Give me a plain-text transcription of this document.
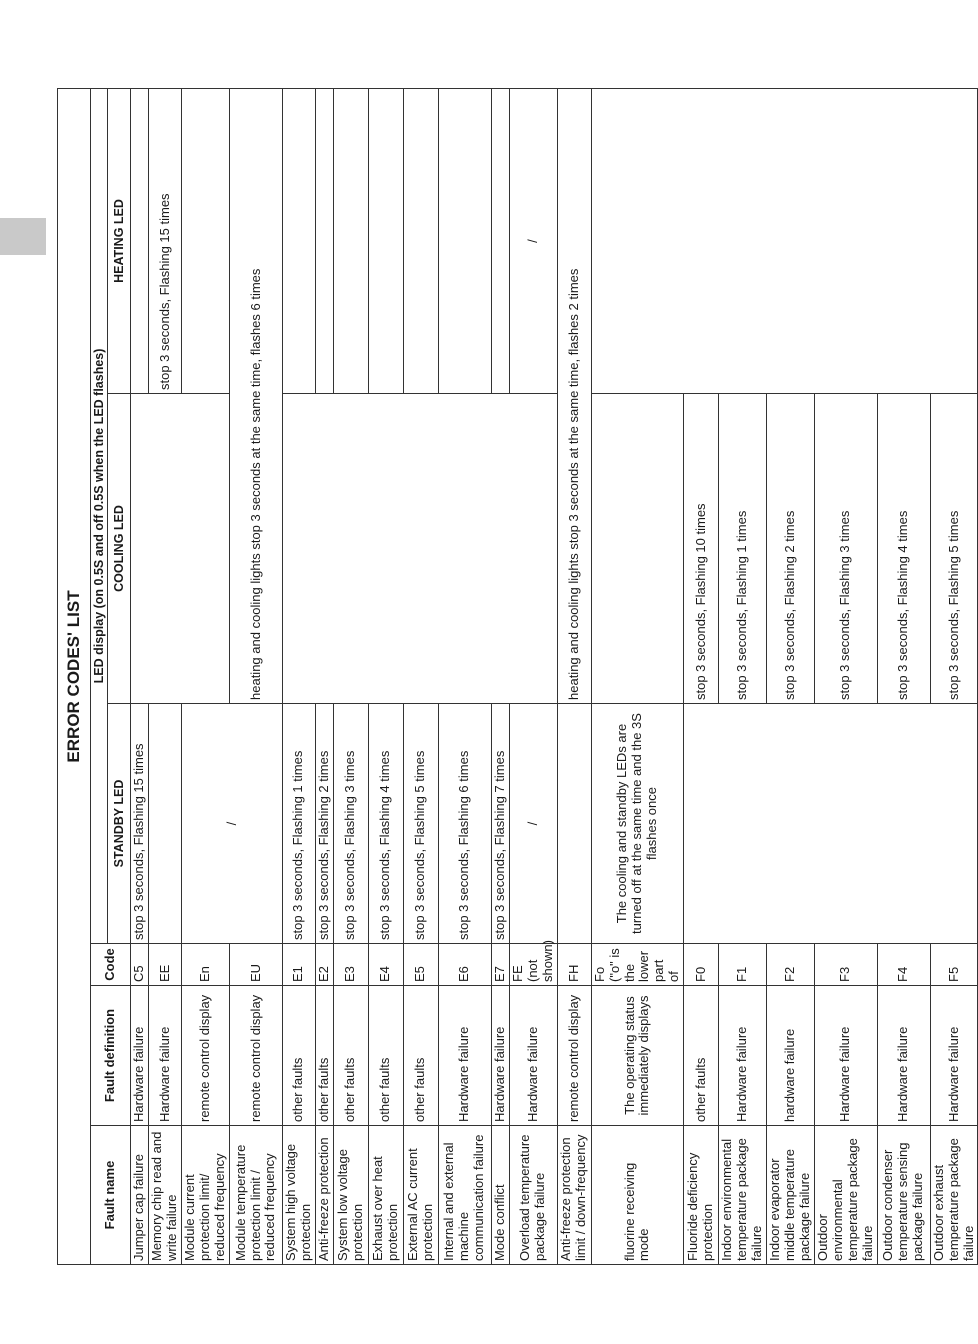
ERROR CODES' LIST					
Fault name	Fault definition	Code	LED display (on 0.5S and off 0.5S when the LED flashes)		
			STANDBY LED	COOLING LED	HEATING LED

Jumper cap failure	Hardware failure	C5	stop 3 seconds, Flashing 15 times		
Memory chip read and write failure	Hardware failure	EE			stop 3 seconds, Flashing 15 times
Module current protection limit/ reduced frequency	remote control display	En	/		
Module temperature protection limit / reduced frequency	remote control display	EU		heating and cooling lights stop 3 seconds at the same time, flashes 6 times	
System high voltage protection	other faults	E1	stop 3 seconds, Flashing 1 times		
Anti-freeze protection	other faults	E2	stop 3 seconds, Flashing 2 times		
System low voltage protection	other faults	E3	stop 3 seconds, Flashing 3 times		
Exhaust over heat protection	other faults	E4	stop 3 seconds, Flashing 4 times		
External AC current protection	other faults	E5	stop 3 seconds, Flashing 5 times		
Internal and external machine communication failure	Hardware failure	E6	stop 3 seconds, Flashing 6 times		
Mode conflict	Hardware failure	E7	stop 3 seconds, Flashing 7 times		
Overload temperature package failure	Hardware failure	FE (not shown)	/		/
Anti-freeze protection limit / down-frequency	remote control display	FH		heating and cooling lights stop 3 seconds at the same time, flashes 2 times	
fluorine receiving mode	The operating status immediately displays	Fo ("o" is the lower part of	The cooling and standby LEDs are turned off at the same time and the 3S flashes once		
Fluoride deficiency protection	other faults	F0		stop 3 seconds, Flashing 10 times	
Indoor environmental temperature package failure	Hardware failure	F1		stop 3 seconds, Flashing 1 times	
Indoor evaporator middle temperature package failure	hardware failure	F2		stop 3 seconds, Flashing 2 times	
Outdoor environmental temperature package failure	Hardware failure	F3		stop 3 seconds, Flashing 3 times	
Outdoor condenser temperature sensing package failure	Hardware failure	F4		stop 3 seconds, Flashing 4 times	
Outdoor exhaust temperature package failure	Hardware failure	F5		stop 3 seconds, Flashing 5 times	
